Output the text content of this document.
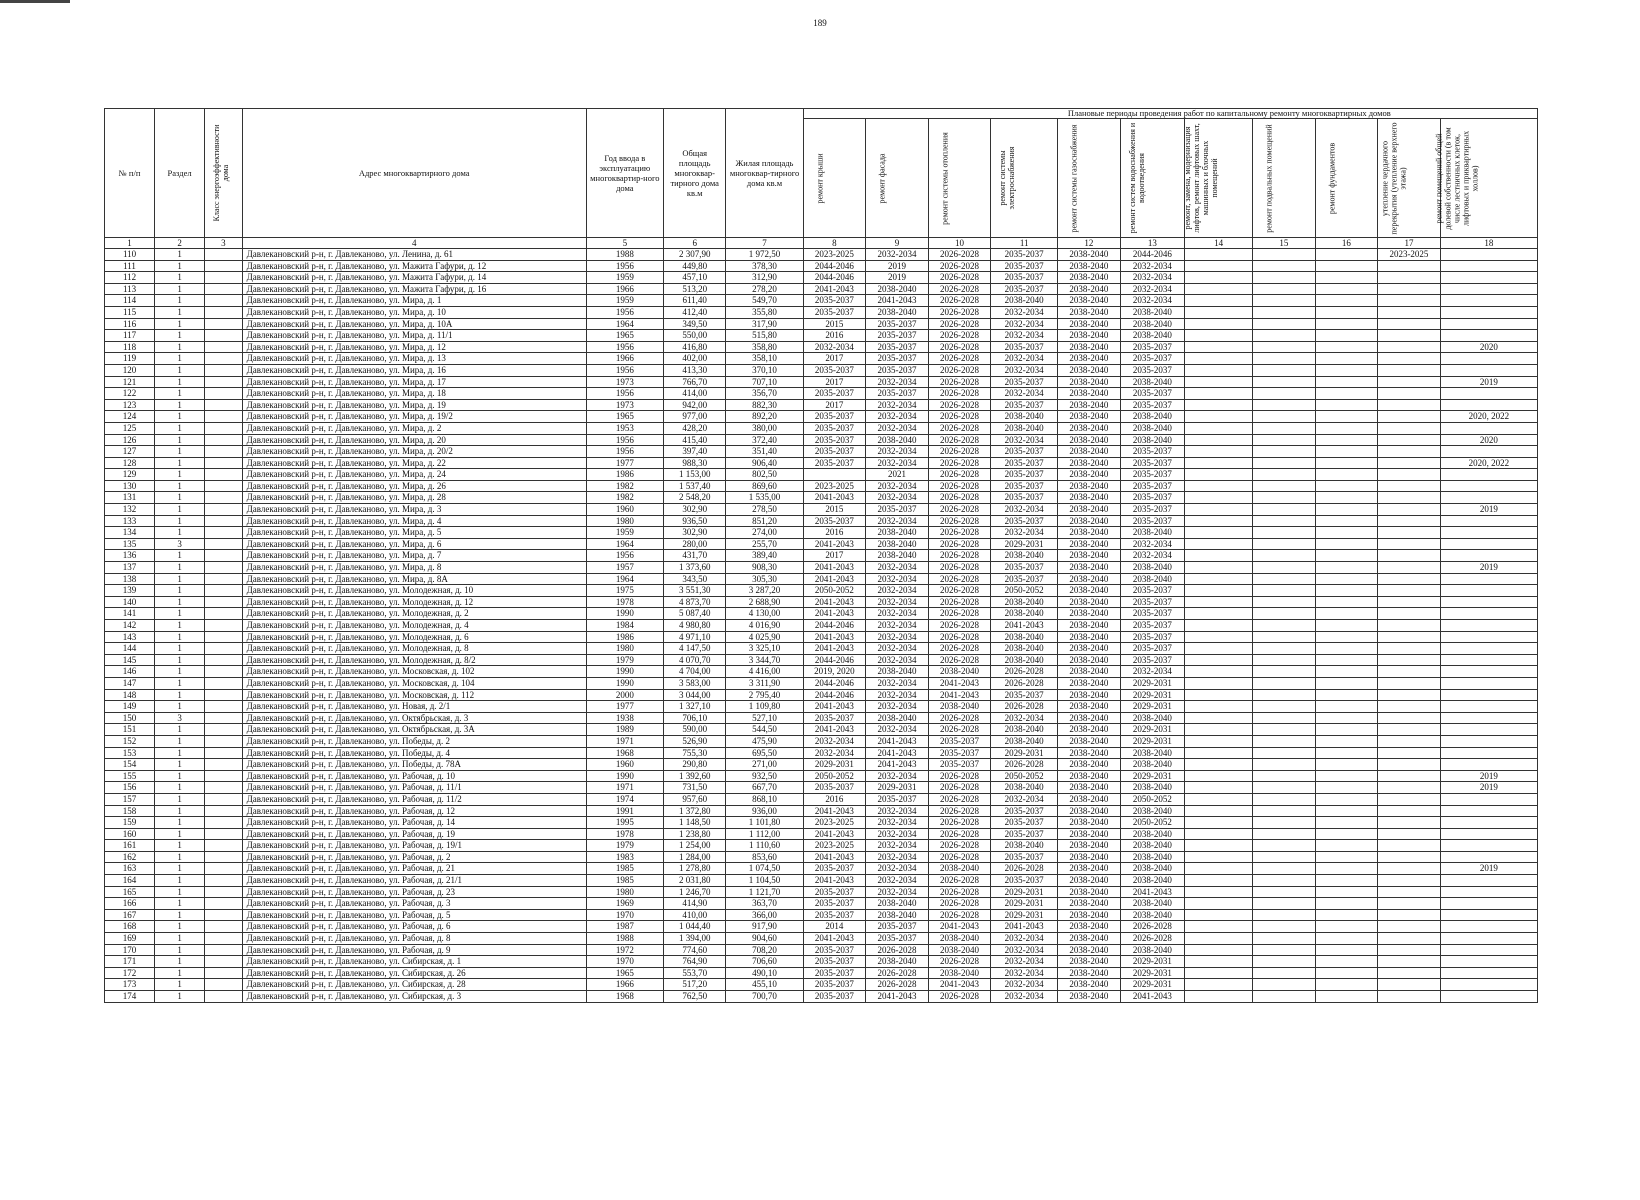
189
№ п/п	Раздел	Класс энергоэффективности дома	Адрес многоквартирного дома	Год ввода в эксплуатацию многоквартир-ного дома	Общая площадь многоквар-тирного дома кв.м	Жилая площадь многоквар-тирного дома кв.м	Плановые периоды проведения работ по капитальному ремонту многоквартирных домов										

							ремонт крыши	ремонт фасада	ремонт системы отопления	ремонт системы электроснабжения	ремонт системы газоснабжения	ремонт систем водоснабжения и водоотведения	ремонт, замена, модернизация лифтов, ремонт лифтовых шахт, машинных и блочных помещений	ремонт подвальных помещений	ремонт фундаментов	утепление чердачного перекрытия (утепление верхнего этажа)	ремонт помещений общей долевой собственности (в том числе лестничных клеток, лифтовых и приквартирных холлов)

1	2	3	4	5	6	7	8	9	10	11	12	13	14	15	16	17	18
110	1		Давлекановский р-н, г. Давлеканово, ул. Ленина, д. 61	1988	2 307,90	1 972,50	2023-2025	2032-2034	2026-2028	2035-2037	2038-2040	2044-2046				2023-2025	
111	1		Давлекановский р-н, г. Давлеканово, ул. Мажита Гафури, д. 12	1956	449,80	378,30	2044-2046	2019	2026-2028	2035-2037	2038-2040	2032-2034					
112	1		Давлекановский р-н, г. Давлеканово, ул. Мажита Гафури, д. 14	1959	457,10	312,90	2044-2046	2019	2026-2028	2035-2037	2038-2040	2032-2034					
113	1		Давлекановский р-н, г. Давлеканово, ул. Мажита Гафури, д. 16	1966	513,20	278,20	2041-2043	2038-2040	2026-2028	2035-2037	2038-2040	2032-2034					
114	1		Давлекановский р-н, г. Давлеканово, ул. Мира, д. 1	1959	611,40	549,70	2035-2037	2041-2043	2026-2028	2038-2040	2038-2040	2032-2034					
115	1		Давлекановский р-н, г. Давлеканово, ул. Мира, д. 10	1956	412,40	355,80	2035-2037	2038-2040	2026-2028	2032-2034	2038-2040	2038-2040					
116	1		Давлекановский р-н, г. Давлеканово, ул. Мира, д. 10А	1964	349,50	317,90	2015	2035-2037	2026-2028	2032-2034	2038-2040	2038-2040					
117	1		Давлекановский р-н, г. Давлеканово, ул. Мира, д. 11/1	1965	550,00	515,80	2016	2035-2037	2026-2028	2032-2034	2038-2040	2038-2040					
118	1		Давлекановский р-н, г. Давлеканово, ул. Мира, д. 12	1956	416,80	358,80	2032-2034	2035-2037	2026-2028	2035-2037	2038-2040	2035-2037					2020
119	1		Давлекановский р-н, г. Давлеканово, ул. Мира, д. 13	1966	402,00	358,10	2017	2035-2037	2026-2028	2032-2034	2038-2040	2035-2037					
120	1		Давлекановский р-н, г. Давлеканово, ул. Мира, д. 16	1956	413,30	370,10	2035-2037	2035-2037	2026-2028	2032-2034	2038-2040	2035-2037					
121	1		Давлекановский р-н, г. Давлеканово, ул. Мира, д. 17	1973	766,70	707,10	2017	2032-2034	2026-2028	2035-2037	2038-2040	2038-2040					2019
122	1		Давлекановский р-н, г. Давлеканово, ул. Мира, д. 18	1956	414,00	356,70	2035-2037	2035-2037	2026-2028	2032-2034	2038-2040	2035-2037					
123	1		Давлекановский р-н, г. Давлеканово, ул. Мира, д. 19	1973	942,00	882,30	2017	2032-2034	2026-2028	2035-2037	2038-2040	2035-2037					
124	1		Давлекановский р-н, г. Давлеканово, ул. Мира, д. 19/2	1965	977,00	892,20	2035-2037	2032-2034	2026-2028	2038-2040	2038-2040	2038-2040					2020, 2022
125	1		Давлекановский р-н, г. Давлеканово, ул. Мира, д. 2	1953	428,20	380,00	2035-2037	2032-2034	2026-2028	2038-2040	2038-2040	2038-2040					
126	1		Давлекановский р-н, г. Давлеканово, ул. Мира, д. 20	1956	415,40	372,40	2035-2037	2038-2040	2026-2028	2032-2034	2038-2040	2038-2040					2020
127	1		Давлекановский р-н, г. Давлеканово, ул. Мира, д. 20/2	1956	397,40	351,40	2035-2037	2032-2034	2026-2028	2035-2037	2038-2040	2035-2037					
128	1		Давлекановский р-н, г. Давлеканово, ул. Мира, д. 22	1977	988,30	906,40	2035-2037	2032-2034	2026-2028	2035-2037	2038-2040	2035-2037					2020, 2022
129	1		Давлекановский р-н, г. Давлеканово, ул. Мира, д. 24	1986	1 153,00	802,50		2021	2026-2028	2035-2037	2038-2040	2035-2037					
130	1		Давлекановский р-н, г. Давлеканово, ул. Мира, д. 26	1982	1 537,40	869,60	2023-2025	2032-2034	2026-2028	2035-2037	2038-2040	2035-2037					
131	1		Давлекановский р-н, г. Давлеканово, ул. Мира, д. 28	1982	2 548,20	1 535,00	2041-2043	2032-2034	2026-2028	2035-2037	2038-2040	2035-2037					
132	1		Давлекановский р-н, г. Давлеканово, ул. Мира, д. 3	1960	302,90	278,50	2015	2035-2037	2026-2028	2032-2034	2038-2040	2035-2037					2019
133	1		Давлекановский р-н, г. Давлеканово, ул. Мира, д. 4	1980	936,50	851,20	2035-2037	2032-2034	2026-2028	2035-2037	2038-2040	2035-2037					
134	1		Давлекановский р-н, г. Давлеканово, ул. Мира, д. 5	1959	302,90	274,00	2016	2038-2040	2026-2028	2032-2034	2038-2040	2038-2040					
135	3		Давлекановский р-н, г. Давлеканово, ул. Мира, д. 6	1964	280,00	255,70	2041-2043	2038-2040	2026-2028	2029-2031	2038-2040	2032-2034					
136	1		Давлекановский р-н, г. Давлеканово, ул. Мира, д. 7	1956	431,70	389,40	2017	2038-2040	2026-2028	2038-2040	2038-2040	2032-2034					
137	1		Давлекановский р-н, г. Давлеканово, ул. Мира, д. 8	1957	1 373,60	908,30	2041-2043	2032-2034	2026-2028	2035-2037	2038-2040	2038-2040					2019
138	1		Давлекановский р-н, г. Давлеканово, ул. Мира, д. 8А	1964	343,50	305,30	2041-2043	2032-2034	2026-2028	2035-2037	2038-2040	2038-2040					
139	1		Давлекановский р-н, г. Давлеканово, ул. Молодежная, д. 10	1975	3 551,30	3 287,20	2050-2052	2032-2034	2026-2028	2050-2052	2038-2040	2035-2037					
140	1		Давлекановский р-н, г. Давлеканово, ул. Молодежная, д. 12	1978	4 873,70	2 688,90	2041-2043	2032-2034	2026-2028	2038-2040	2038-2040	2035-2037					
141	1		Давлекановский р-н, г. Давлеканово, ул. Молодежная, д. 2	1990	5 087,40	4 130,00	2041-2043	2032-2034	2026-2028	2038-2040	2038-2040	2035-2037					
142	1		Давлекановский р-н, г. Давлеканово, ул. Молодежная, д. 4	1984	4 980,80	4 016,90	2044-2046	2032-2034	2026-2028	2041-2043	2038-2040	2035-2037					
143	1		Давлекановский р-н, г. Давлеканово, ул. Молодежная, д. 6	1986	4 971,10	4 025,90	2041-2043	2032-2034	2026-2028	2038-2040	2038-2040	2035-2037					
144	1		Давлекановский р-н, г. Давлеканово, ул. Молодежная, д. 8	1980	4 147,50	3 325,10	2041-2043	2032-2034	2026-2028	2038-2040	2038-2040	2035-2037					
145	1		Давлекановский р-н, г. Давлеканово, ул. Молодежная, д. 8/2	1979	4 070,70	3 344,70	2044-2046	2032-2034	2026-2028	2038-2040	2038-2040	2035-2037					
146	1		Давлекановский р-н, г. Давлеканово, ул. Московская, д. 102	1990	4 704,00	4 416,00	2019, 2020	2038-2040	2038-2040	2026-2028	2038-2040	2032-2034					
147	1		Давлекановский р-н, г. Давлеканово, ул. Московская, д. 104	1990	3 583,00	3 311,90	2044-2046	2032-2034	2041-2043	2026-2028	2038-2040	2029-2031					
148	1		Давлекановский р-н, г. Давлеканово, ул. Московская, д. 112	2000	3 044,00	2 795,40	2044-2046	2032-2034	2041-2043	2035-2037	2038-2040	2029-2031					
149	1		Давлекановский р-н, г. Давлеканово, ул. Новая, д. 2/1	1977	1 327,10	1 109,80	2041-2043	2032-2034	2038-2040	2026-2028	2038-2040	2029-2031					
150	3		Давлекановский р-н, г. Давлеканово, ул. Октябрьская, д. 3	1938	706,10	527,10	2035-2037	2038-2040	2026-2028	2032-2034	2038-2040	2038-2040					
151	1		Давлекановский р-н, г. Давлеканово, ул. Октябрьская, д. 3А	1989	590,00	544,50	2041-2043	2032-2034	2026-2028	2038-2040	2038-2040	2029-2031					
152	1		Давлекановский р-н, г. Давлеканово, ул. Победы, д. 2	1971	526,90	475,90	2032-2034	2041-2043	2035-2037	2038-2040	2038-2040	2029-2031					
153	1		Давлекановский р-н, г. Давлеканово, ул. Победы, д. 4	1968	755,30	695,50	2032-2034	2041-2043	2035-2037	2029-2031	2038-2040	2038-2040					
154	1		Давлекановский р-н, г. Давлеканово, ул. Победы, д. 78А	1960	290,80	271,00	2029-2031	2041-2043	2035-2037	2026-2028	2038-2040	2038-2040					
155	1		Давлекановский р-н, г. Давлеканово, ул. Рабочая, д. 10	1990	1 392,60	932,50	2050-2052	2032-2034	2026-2028	2050-2052	2038-2040	2029-2031					2019
156	1		Давлекановский р-н, г. Давлеканово, ул. Рабочая, д. 11/1	1971	731,50	667,70	2035-2037	2029-2031	2026-2028	2038-2040	2038-2040	2038-2040					2019
157	1		Давлекановский р-н, г. Давлеканово, ул. Рабочая, д. 11/2	1974	957,60	868,10	2016	2035-2037	2026-2028	2032-2034	2038-2040	2050-2052					
158	1		Давлекановский р-н, г. Давлеканово, ул. Рабочая, д. 12	1991	1 372,80	936,00	2041-2043	2032-2034	2026-2028	2035-2037	2038-2040	2038-2040					
159	1		Давлекановский р-н, г. Давлеканово, ул. Рабочая, д. 14	1995	1 148,50	1 101,80	2023-2025	2032-2034	2026-2028	2035-2037	2038-2040	2050-2052					
160	1		Давлекановский р-н, г. Давлеканово, ул. Рабочая, д. 19	1978	1 238,80	1 112,00	2041-2043	2032-2034	2026-2028	2035-2037	2038-2040	2038-2040					
161	1		Давлекановский р-н, г. Давлеканово, ул. Рабочая, д. 19/1	1979	1 254,00	1 110,60	2023-2025	2032-2034	2026-2028	2038-2040	2038-2040	2038-2040					
162	1		Давлекановский р-н, г. Давлеканово, ул. Рабочая, д. 2	1983	1 284,00	853,60	2041-2043	2032-2034	2026-2028	2035-2037	2038-2040	2038-2040					
163	1		Давлекановский р-н, г. Давлеканово, ул. Рабочая, д. 21	1985	1 278,80	1 074,50	2035-2037	2032-2034	2038-2040	2026-2028	2038-2040	2038-2040					2019
164	1		Давлекановский р-н, г. Давлеканово, ул. Рабочая, д. 21/1	1985	2 031,80	1 104,50	2041-2043	2032-2034	2026-2028	2035-2037	2038-2040	2038-2040					
165	1		Давлекановский р-н, г. Давлеканово, ул. Рабочая, д. 23	1980	1 246,70	1 121,70	2035-2037	2032-2034	2026-2028	2029-2031	2038-2040	2041-2043					
166	1		Давлекановский р-н, г. Давлеканово, ул. Рабочая, д. 3	1969	414,90	363,70	2035-2037	2038-2040	2026-2028	2029-2031	2038-2040	2038-2040					
167	1		Давлекановский р-н, г. Давлеканово, ул. Рабочая, д. 5	1970	410,00	366,00	2035-2037	2038-2040	2026-2028	2029-2031	2038-2040	2038-2040					
168	1		Давлекановский р-н, г. Давлеканово, ул. Рабочая, д. 6	1987	1 044,40	917,90	2014	2035-2037	2041-2043	2041-2043	2038-2040	2026-2028					
169	1		Давлекановский р-н, г. Давлеканово, ул. Рабочая, д. 8	1988	1 394,00	904,60	2041-2043	2035-2037	2038-2040	2032-2034	2038-2040	2026-2028					
170	1		Давлекановский р-н, г. Давлеканово, ул. Рабочая, д. 9	1972	774,60	708,20	2035-2037	2026-2028	2038-2040	2032-2034	2038-2040	2038-2040					
171	1		Давлекановский р-н, г. Давлеканово, ул. Сибирская, д. 1	1970	764,90	706,60	2035-2037	2038-2040	2026-2028	2032-2034	2038-2040	2029-2031					
172	1		Давлекановский р-н, г. Давлеканово, ул. Сибирская, д. 26	1965	553,70	490,10	2035-2037	2026-2028	2038-2040	2032-2034	2038-2040	2029-2031					
173	1		Давлекановский р-н, г. Давлеканово, ул. Сибирская, д. 28	1966	517,20	455,10	2035-2037	2026-2028	2041-2043	2032-2034	2038-2040	2029-2031					
174	1		Давлекановский р-н, г. Давлеканово, ул. Сибирская, д. 3	1968	762,50	700,70	2035-2037	2041-2043	2026-2028	2032-2034	2038-2040	2041-2043					
